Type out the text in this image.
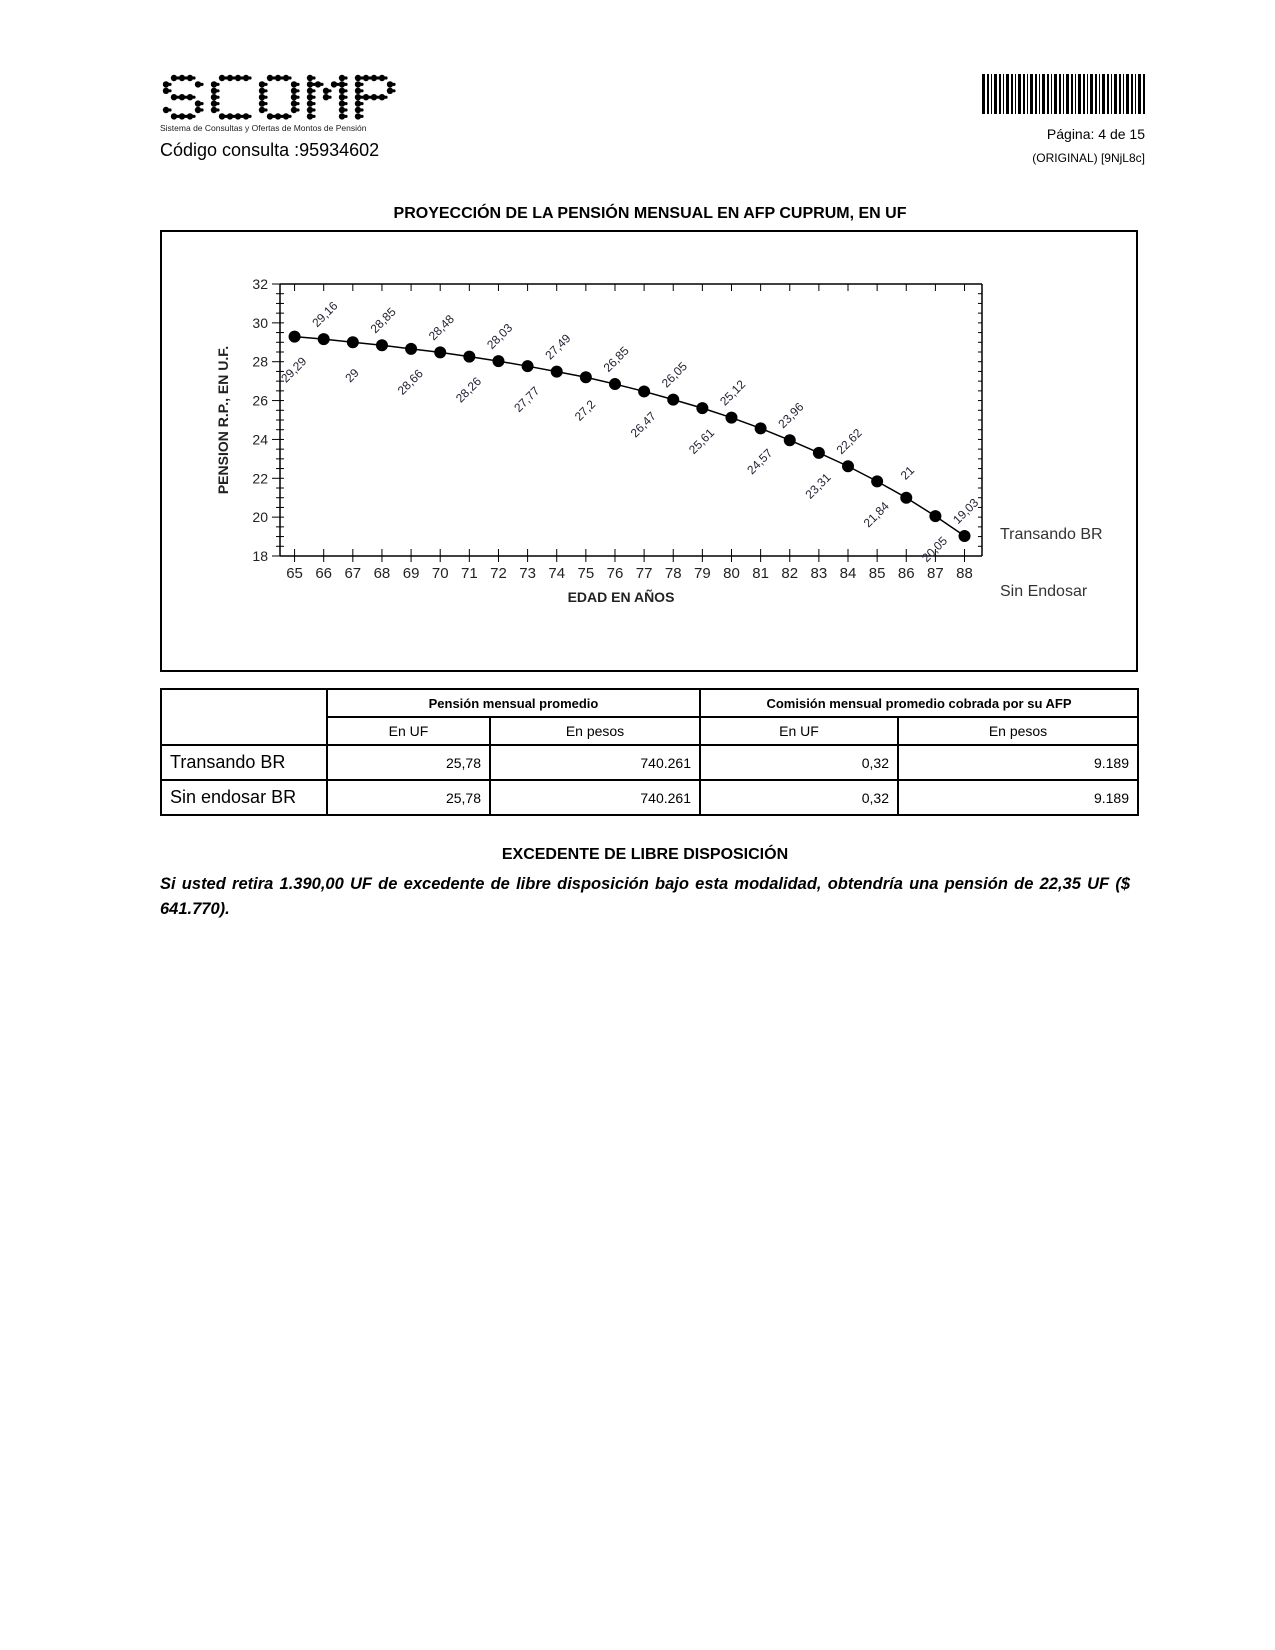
Sistema de Consultas y Ofertas de Montos de Pensión
Código consulta :95934602
Página: 4 de 15
(ORIGINAL) [9NjL8c]
PROYECCIÓN DE LA PENSIÓN MENSUAL EN AFP CUPRUM, EN UF
18
20
22
24
26
28
30
32
65 66 67 68 69 70 71 72 73 74 75 76 77 78 79 80 81 82 83 84 85 86 87 88
EDAD EN AÑOS
PENSION R.P., EN U.F.	29,29
29,16
29
28,85
28,66
28,48
28,26
28,03
27,77
27,49
27,2
26,85
26,47
26,05
25,61
25,12
24,57
23,96
23,31
22,62
21,84
21
20,05
19,03
Transando BR
Sin Endosar
	Pensión mensual promedio		Comisión mensual promedio cobrada por su AFP	
	En UF	En pesos	En UF	En pesos
Transando BR	25,78	740.261	0,32	9.189
Sin endosar BR	25,78	740.261	0,32	9.189
EXCEDENTE DE LIBRE DISPOSICIÓN
Si usted retira 1.390,00 UF de excedente de libre disposición bajo esta modalidad, obtendría una pensión de 22,35 UF ($ 641.770).
